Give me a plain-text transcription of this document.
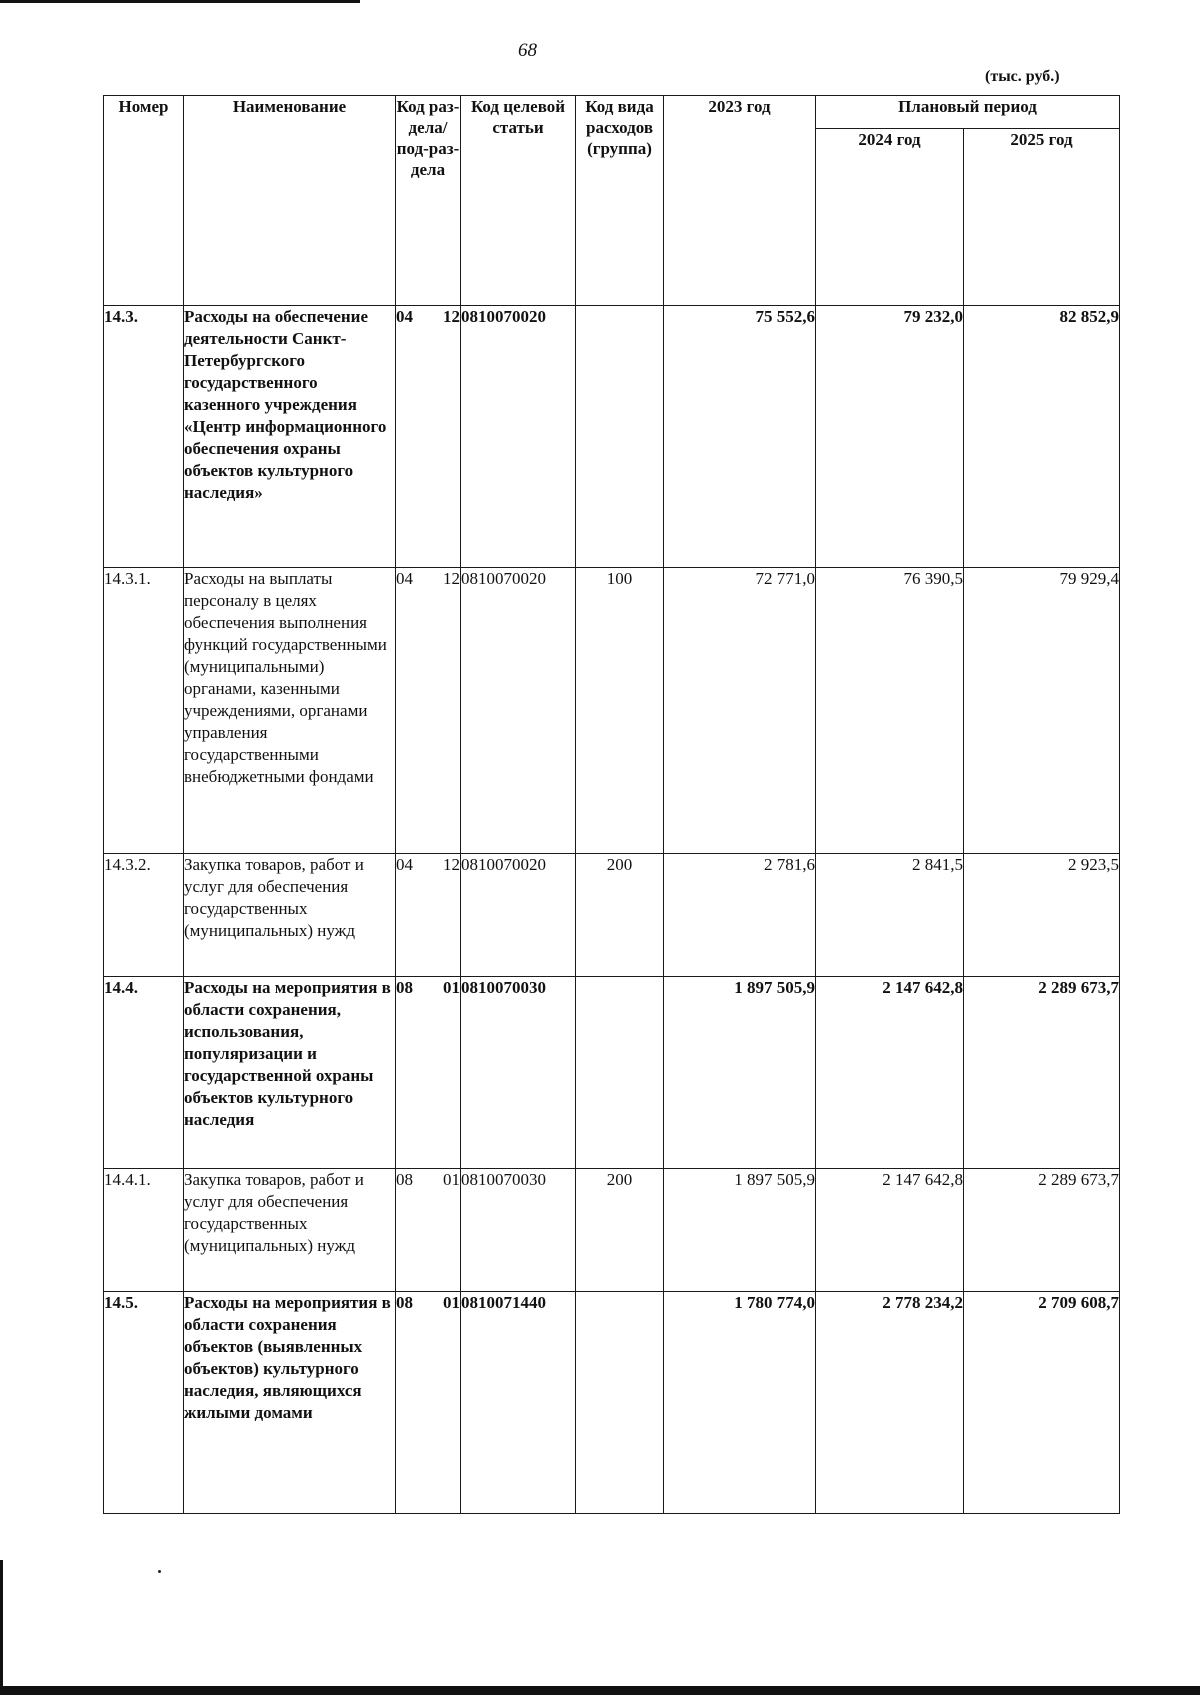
68
(тыс. руб.)
Номер	Наименование	Код раз-дела/ под-раз-дела	Код целевой статьи	Код вида расходов (группа)	2023 год	Плановый период	
						2024 год	2025 год
14.3.	Расходы на обеспечение деятельности Санкт-Петербургского государственного казенного учреждения «Центр информационного обеспечения охраны объектов культурного наследия»	04 12	0810070020		75 552,6	79 232,0	82 852,9
14.3.1.	Расходы на выплаты персоналу в целях обеспечения выполнения функций государственными (муниципальными) органами, казенными учреждениями, органами управления государственными внебюджетными фондами	04 12	0810070020	100	72 771,0	76 390,5	79 929,4
14.3.2.	Закупка товаров, работ и услуг для обеспечения государственных (муниципальных) нужд	04 12	0810070020	200	2 781,6	2 841,5	2 923,5
14.4.	Расходы на мероприятия в области сохранения, использования, популяризации и государственной охраны объектов культурного наследия	08 01	0810070030		1 897 505,9	2 147 642,8	2 289 673,7
14.4.1.	Закупка товаров, работ и услуг для обеспечения государственных (муниципальных) нужд	08 01	0810070030	200	1 897 505,9	2 147 642,8	2 289 673,7
14.5.	Расходы на мероприятия в области сохранения объектов (выявленных объектов) культурного наследия, являющихся жилыми домами	08 01	0810071440		1 780 774,0	2 778 234,2	2 709 608,7
